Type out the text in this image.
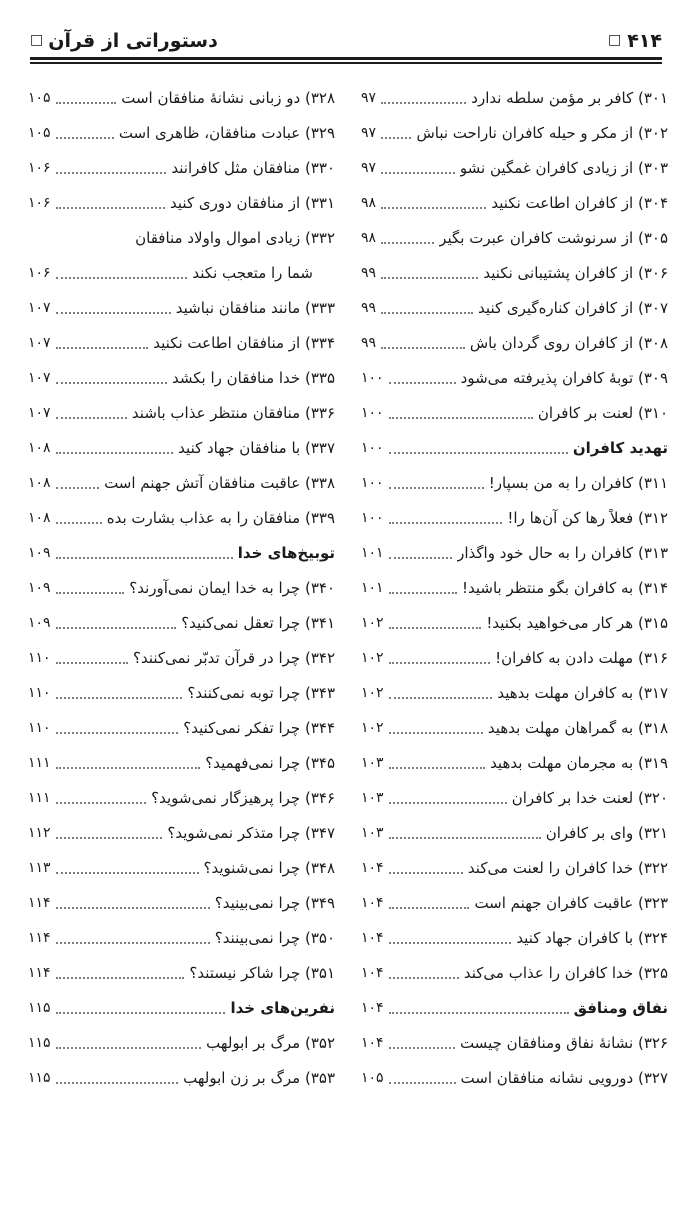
□ دستوراتی از قرآن	□ ۴۱۴
۳۰۱) کافر بر مؤمن سلطه ندارد
۹۷
۳۰۲) از مکر و حیله کافران ناراحت نباش
۹۷
۳۰۳) از زیادی کافران غمگین نشو
۹۷
۳۰۴) از کافران اطاعت نکنید
۹۸
۳۰۵) از سرنوشت کافران عبرت بگیر
۹۸
۳۰۶) از کافران پشتیبانی نکنید
۹۹
۳۰۷) از کافران کناره‌گیری کنید
۹۹
۳۰۸) از کافران روی گردان باش
۹۹
۳۰۹) توبهٔ کافران پذیرفته می‌شود
۱۰۰
۳۱۰) لعنت بر کافران
۱۰۰
تهدید کافران
۱۰۰
۳۱۱) کافران را به من بسپار!
۱۰۰
۳۱۲) فعلاً رها کن آن‌ها را!
۱۰۰
۳۱۳) کافران را به حال خود واگذار
۱۰۱
۳۱۴) به کافران بگو منتظر باشید!
۱۰۱
۳۱۵) هر کار می‌خواهید بکنید!
۱۰۲
۳۱۶) مهلت دادن به کافران!
۱۰۲
۳۱۷) به کافران مهلت بدهید
۱۰۲
۳۱۸) به گمراهان مهلت بدهید
۱۰۲
۳۱۹) به مجرمان مهلت بدهید
۱۰۳
۳۲۰) لعنت خدا بر کافران
۱۰۳
۳۲۱) وای بر کافران
۱۰۳
۳۲۲) خدا کافران را لعنت می‌کند
۱۰۴
۳۲۳) عاقبت کافران جهنم است
۱۰۴
۳۲۴) با کافران جهاد کنید
۱۰۴
۳۲۵) خدا کافران را عذاب می‌کند
۱۰۴
نفاق ومنافق
۱۰۴
۳۲۶) نشانهٔ نفاق ومنافقان چیست
۱۰۴
۳۲۷) دورویی نشانه منافقان است
۱۰۵
۳۲۸) دو زبانی نشانهٔ منافقان است
۱۰۵
۳۲۹) عبادت منافقان، ظاهری است
۱۰۵
۳۳۰) منافقان مثل کافرانند
۱۰۶
۳۳۱) از منافقان دوری کنید
۱۰۶
۳۳۲) زیادی اموال واولاد منافقان
شما را متعجب نکند
۱۰۶
۳۳۳) مانند منافقان نباشید
۱۰۷
۳۳۴) از منافقان اطاعت نکنید
۱۰۷
۳۳۵) خدا منافقان را بکشد
۱۰۷
۳۳۶) منافقان منتظر عذاب باشند
۱۰۷
۳۳۷) با منافقان جهاد کنید
۱۰۸
۳۳۸) عاقبت منافقان آتش جهنم است
۱۰۸
۳۳۹) منافقان را به عذاب بشارت بده
۱۰۸
توبیخ‌های خدا
۱۰۹
۳۴۰) چرا به خدا ایمان نمی‌آورند؟
۱۰۹
۳۴۱) چرا تعقل نمی‌کنید؟
۱۰۹
۳۴۲) چرا در قرآن تدبّر نمی‌کنند؟
۱۱۰
۳۴۳) چرا توبه نمی‌کنند؟
۱۱۰
۳۴۴) چرا تفکر نمی‌کنید؟
۱۱۰
۳۴۵) چرا نمی‌فهمید؟
۱۱۱
۳۴۶) چرا پرهیزگار نمی‌شوید؟
۱۱۱
۳۴۷) چرا متذکر نمی‌شوید؟
۱۱۲
۳۴۸) چرا نمی‌شنوید؟
۱۱۳
۳۴۹) چرا نمی‌بینید؟
۱۱۴
۳۵۰) چرا نمی‌بینند؟
۱۱۴
۳۵۱) چرا شاکر نیستند؟
۱۱۴
نفرین‌های خدا
۱۱۵
۳۵۲) مرگ بر ابولهب
۱۱۵
۳۵۳) مرگ بر زن ابولهب
۱۱۵
